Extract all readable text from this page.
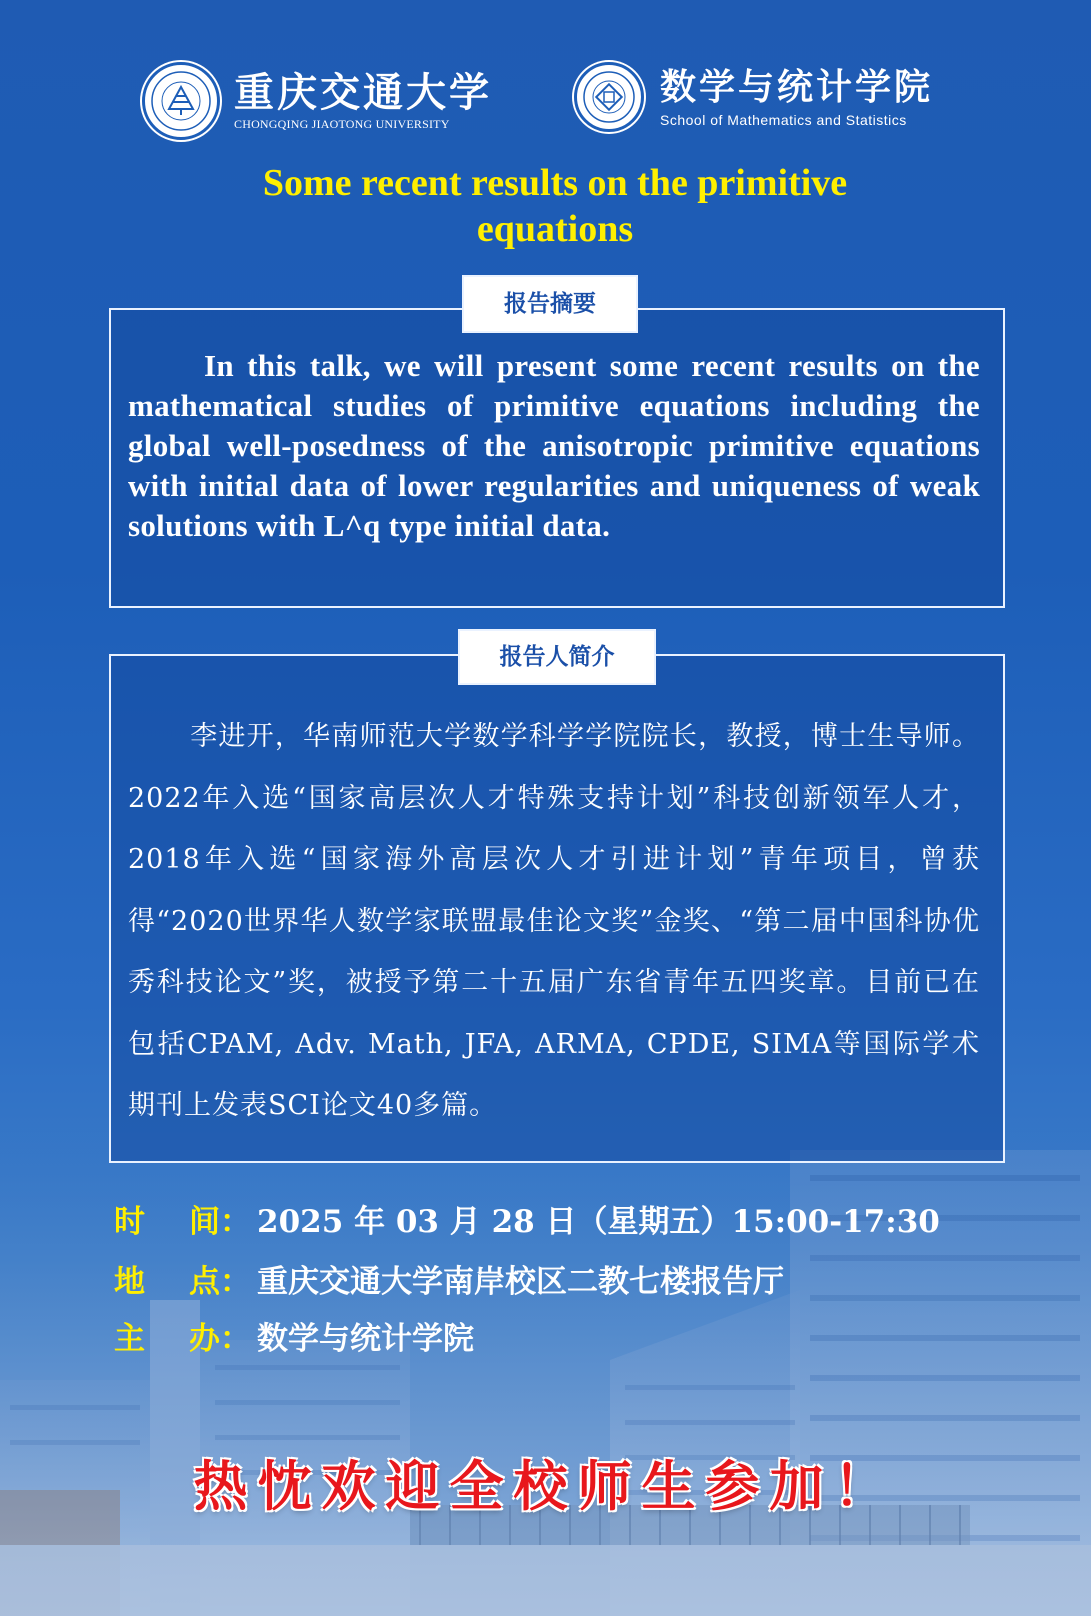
重庆交通大学
CHONGQING JIAOTONG UNIVERSITY
数学与统计学院
School of Mathematics and Statistics
Some recent results on the primitive
equations
报告摘要
In this talk, we will present some recent results on the mathematical studies of primitive equations including the global well-posedness of the anisotropic primitive equations with initial data of lower regularities and uniqueness of weak solutions with L^q type initial data.
报告人简介
李进开，华南师范大学数学科学学院院长，教授，博士生导师。2022年入选“国家高层次人才特殊支持计划”科技创新领军人才，2018年入选“国家海外高层次人才引进计划”青年项目，曾获得“2020世界华人数学家联盟最佳论文奖”金奖、“第二届中国科协优秀科技论文”奖，被授予第二十五届广东省青年五四奖章。目前已在包括CPAM, Adv. Math, JFA, ARMA, CPDE, SIMA等国际学术期刊上发表SCI论文40多篇。
时 间： 2025 年 03 月 28 日（星期五）15:00-17:30
地 点： 重庆交通大学南岸校区二教七楼报告厅
主 办： 数学与统计学院
热忱欢迎全校师生参加！
